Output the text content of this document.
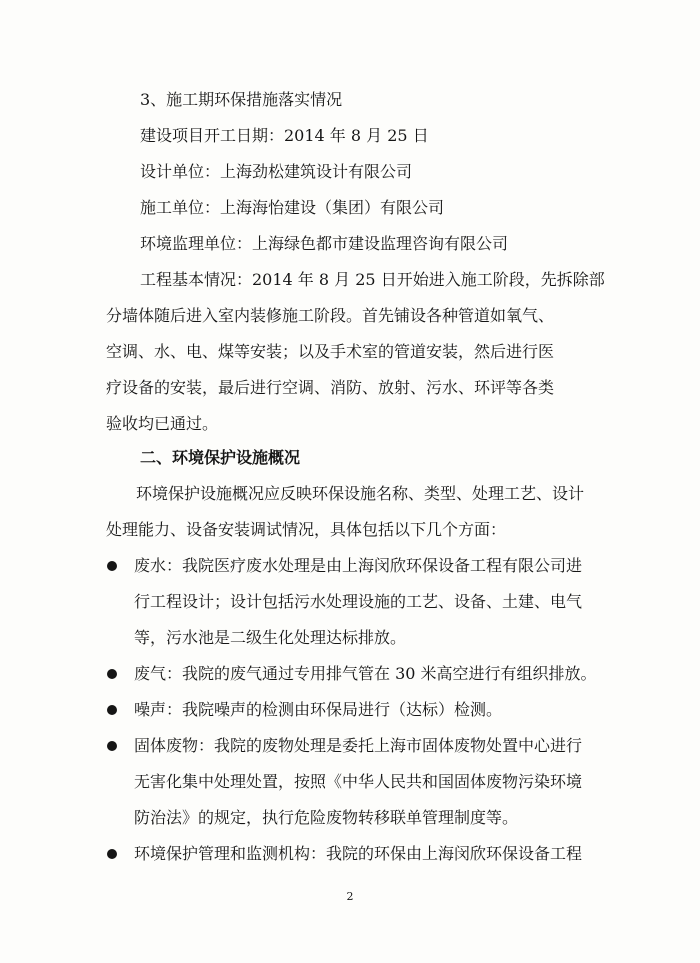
3、施工期环保措施落实情况
建设项目开工日期：2014 年 8 月 25 日
设计单位：上海劲松建筑设计有限公司
施工单位：上海海怡建设（集团）有限公司
环境监理单位：上海绿色都市建设监理咨询有限公司
工程基本情况：2014 年 8 月 25 日开始进入施工阶段，先拆除部
分墙体随后进入室内装修施工阶段。首先铺设各种管道如氧气、
空调、水、电、煤等安装；以及手术室的管道安装，然后进行医
疗设备的安装，最后进行空调、消防、放射、污水、环评等各类
验收均已通过。
二、环境保护设施概况
环境保护设施概况应反映环保设施名称、类型、处理工艺、设计
处理能力、设备安装调试情况，具体包括以下几个方面：
废水：我院医疗废水处理是由上海闵欣环保设备工程有限公司进
行工程设计；设计包括污水处理设施的工艺、设备、土建、电气
等，污水池是二级生化处理达标排放。
废气：我院的废气通过专用排气管在 30 米高空进行有组织排放。
噪声：我院噪声的检测由环保局进行（达标）检测。
固体废物：我院的废物处理是委托上海市固体废物处置中心进行
无害化集中处理处置，按照《中华人民共和国固体废物污染环境
防治法》的规定，执行危险废物转移联单管理制度等。
环境保护管理和监测机构：我院的环保由上海闵欣环保设备工程
2
